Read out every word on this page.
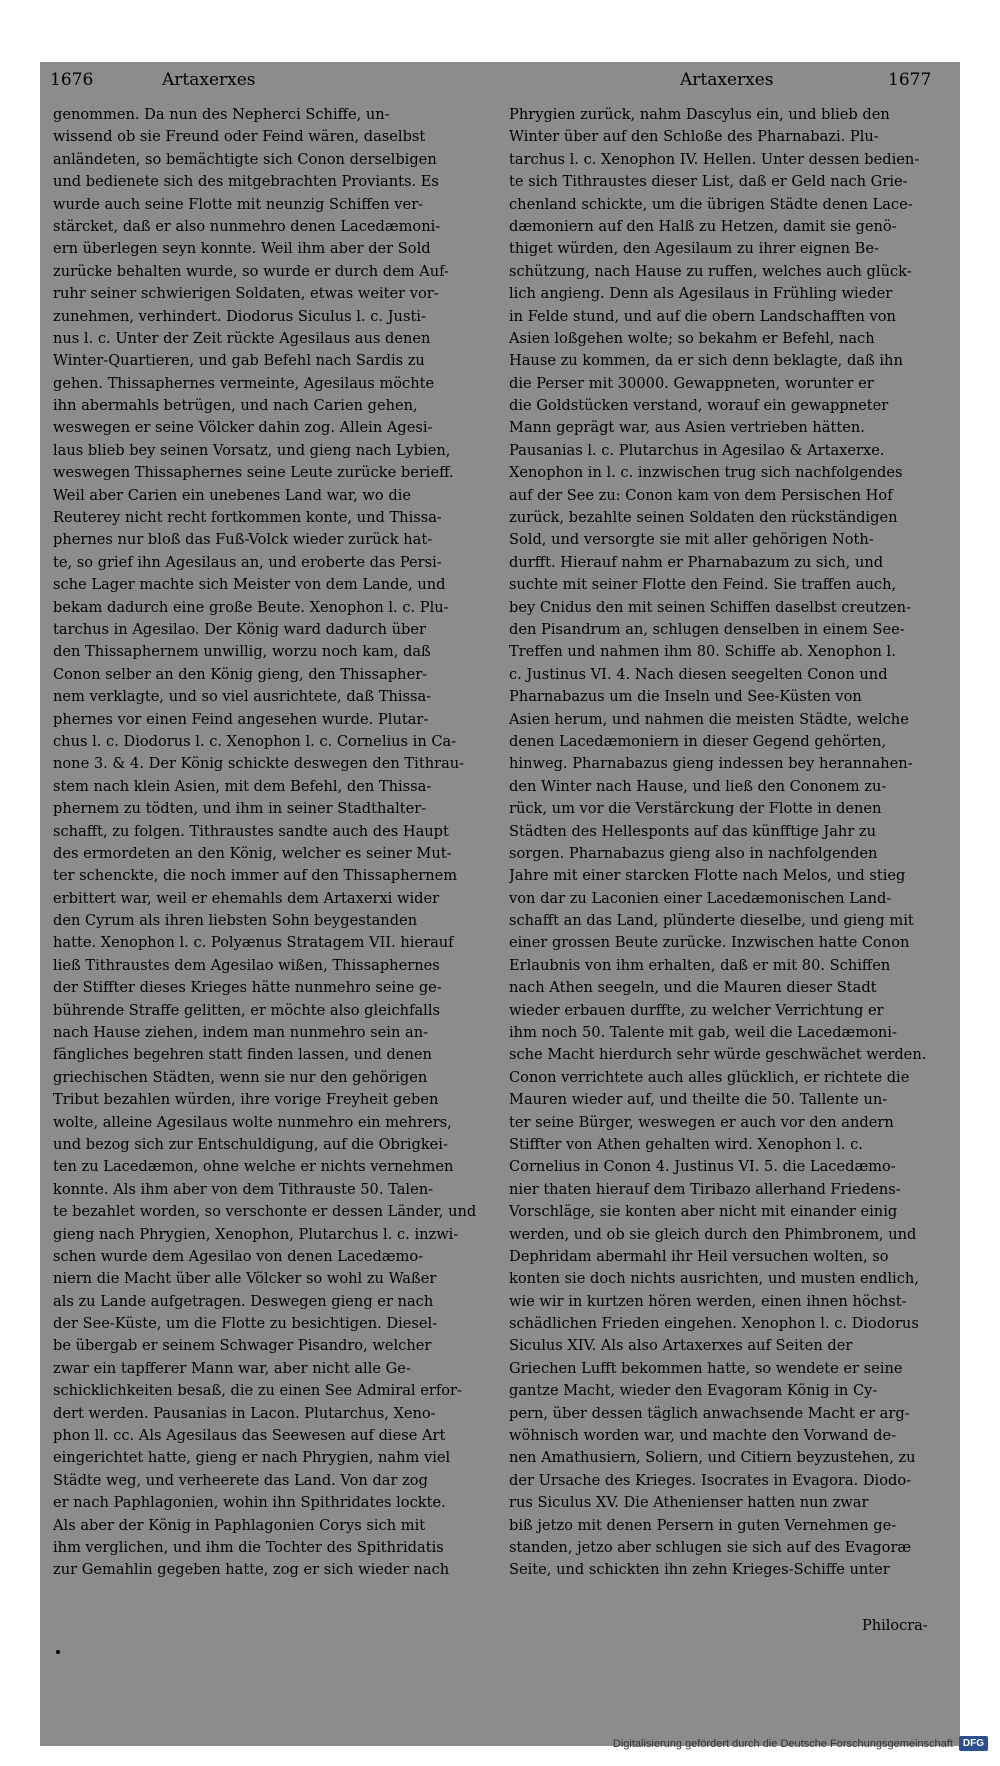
1676	Artaxerxes	Artaxerxes	1677
genommen. Da nun des Nepherci Schiffe, un-
wissend ob sie Freund oder Feind wären, daselbst
anländeten, so bemächtigte sich Conon derselbigen
und bedienete sich des mitgebrachten Proviants. Es
wurde auch seine Flotte mit neunzig Schiffen ver-
stärcket, daß er also nunmehro denen Lacedæmoni-
ern überlegen seyn konnte. Weil ihm aber der Sold
zurücke behalten wurde, so wurde er durch dem Auf-
ruhr seiner schwierigen Soldaten, etwas weiter vor-
zunehmen, verhindert. Diodorus Siculus l. c. Justi-
nus l. c. Unter der Zeit rückte Agesilaus aus denen
Winter-Quartieren, und gab Befehl nach Sardis zu
gehen. Thissaphernes vermeinte, Agesilaus möchte
ihn abermahls betrügen, und nach Carien gehen,
weswegen er seine Völcker dahin zog. Allein Agesi-
laus blieb bey seinen Vorsatz, und gieng nach Lybien,
weswegen Thissaphernes seine Leute zurücke berieff.
Weil aber Carien ein unebenes Land war, wo die
Reuterey nicht recht fortkommen konte, und Thissa-
phernes nur bloß das Fuß-Volck wieder zurück hat-
te, so grief ihn Agesilaus an, und eroberte das Persi-
sche Lager machte sich Meister von dem Lande, und
bekam dadurch eine große Beute. Xenophon l. c. Plu-
tarchus in Agesilao. Der König ward dadurch über
den Thissaphernem unwillig, worzu noch kam, daß
Conon selber an den König gieng, den Thissapher-
nem verklagte, und so viel ausrichtete, daß Thissa-
phernes vor einen Feind angesehen wurde. Plutar-
chus l. c. Diodorus l. c. Xenophon l. c. Cornelius in Ca-
none 3. & 4. Der König schickte deswegen den Tithrau-
stem nach klein Asien, mit dem Befehl, den Thissa-
phernem zu tödten, und ihm in seiner Stadthalter-
schafft, zu folgen. Tithraustes sandte auch des Haupt
des ermordeten an den König, welcher es seiner Mut-
ter schenckte, die noch immer auf den Thissaphernem
erbittert war, weil er ehemahls dem Artaxerxi wider
den Cyrum als ihren liebsten Sohn beygestanden
hatte. Xenophon l. c. Polyænus Stratagem VII. hierauf
ließ Tithraustes dem Agesilao wißen, Thissaphernes
der Stiffter dieses Krieges hätte nunmehro seine ge-
bührende Straffe gelitten, er möchte also gleichfalls
nach Hause ziehen, indem man nunmehro sein an-
fängliches begehren statt finden lassen, und denen
griechischen Städten, wenn sie nur den gehörigen
Tribut bezahlen würden, ihre vorige Freyheit geben
wolte, alleine Agesilaus wolte nunmehro ein mehrers,
und bezog sich zur Entschuldigung, auf die Obrigkei-
ten zu Lacedæmon, ohne welche er nichts vernehmen
konnte. Als ihm aber von dem Tithrauste 50. Talen-
te bezahlet worden, so verschonte er dessen Länder, und
gieng nach Phrygien, Xenophon, Plutarchus l. c. inzwi-
schen wurde dem Agesilao von denen Lacedæmo-
niern die Macht über alle Völcker so wohl zu Waßer
als zu Lande aufgetragen. Deswegen gieng er nach
der See-Küste, um die Flotte zu besichtigen. Diesel-
be übergab er seinem Schwager Pisandro, welcher
zwar ein tapfferer Mann war, aber nicht alle Ge-
schicklichkeiten besaß, die zu einen See Admiral erfor-
dert werden. Pausanias in Lacon. Plutarchus, Xeno-
phon ll. cc. Als Agesilaus das Seewesen auf diese Art
eingerichtet hatte, gieng er nach Phrygien, nahm viel
Städte weg, und verheerete das Land. Von dar zog
er nach Paphlagonien, wohin ihn Spithridates lockte.
Als aber der König in Paphlagonien Corys sich mit
ihm verglichen, und ihm die Tochter des Spithridatis
zur Gemahlin gegeben hatte, zog er sich wieder nach
Phrygien zurück, nahm Dascylus ein, und blieb den
Winter über auf den Schloße des Pharnabazi. Plu-
tarchus l. c. Xenophon IV. Hellen. Unter dessen bedien-
te sich Tithraustes dieser List, daß er Geld nach Grie-
chenland schickte, um die übrigen Städte denen Lace-
dæmoniern auf den Halß zu Hetzen, damit sie genö-
thiget würden, den Agesilaum zu ihrer eignen Be-
schützung, nach Hause zu ruffen, welches auch glück-
lich angieng. Denn als Agesilaus in Frühling wieder
in Felde stund, und auf die obern Landschafften von
Asien loßgehen wolte; so bekahm er Befehl, nach
Hause zu kommen, da er sich denn beklagte, daß ihn
die Perser mit 30000. Gewappneten, worunter er
die Goldstücken verstand, worauf ein gewappneter
Mann geprägt war, aus Asien vertrieben hätten.
Pausanias l. c. Plutarchus in Agesilao & Artaxerxe.
Xenophon in l. c. inzwischen trug sich nachfolgendes
auf der See zu: Conon kam von dem Persischen Hof
zurück, bezahlte seinen Soldaten den rückständigen
Sold, und versorgte sie mit aller gehörigen Noth-
durfft. Hierauf nahm er Pharnabazum zu sich, und
suchte mit seiner Flotte den Feind. Sie traffen auch,
bey Cnidus den mit seinen Schiffen daselbst creutzen-
den Pisandrum an, schlugen denselben in einem See-
Treffen und nahmen ihm 80. Schiffe ab. Xenophon l.
c. Justinus VI. 4. Nach diesen seegelten Conon und
Pharnabazus um die Inseln und See-Küsten von
Asien herum, und nahmen die meisten Städte, welche
denen Lacedæmoniern in dieser Gegend gehörten,
hinweg. Pharnabazus gieng indessen bey herannahen-
den Winter nach Hause, und ließ den Cononem zu-
rück, um vor die Verstärckung der Flotte in denen
Städten des Hellesponts auf das künfftige Jahr zu
sorgen. Pharnabazus gieng also in nachfolgenden
Jahre mit einer starcken Flotte nach Melos, und stieg
von dar zu Laconien einer Lacedæmonischen Land-
schafft an das Land, plünderte dieselbe, und gieng mit
einer grossen Beute zurücke. Inzwischen hatte Conon
Erlaubnis von ihm erhalten, daß er mit 80. Schiffen
nach Athen seegeln, und die Mauren dieser Stadt
wieder erbauen durffte, zu welcher Verrichtung er
ihm noch 50. Talente mit gab, weil die Lacedæmoni-
sche Macht hierdurch sehr würde geschwächet werden.
Conon verrichtete auch alles glücklich, er richtete die
Mauren wieder auf, und theilte die 50. Tallente un-
ter seine Bürger, weswegen er auch vor den andern
Stiffter von Athen gehalten wird. Xenophon l. c.
Cornelius in Conon 4. Justinus VI. 5. die Lacedæmo-
nier thaten hierauf dem Tiribazo allerhand Friedens-
Vorschläge, sie konten aber nicht mit einander einig
werden, und ob sie gleich durch den Phimbronem, und
Dephridam abermahl ihr Heil versuchen wolten, so
konten sie doch nichts ausrichten, und musten endlich,
wie wir in kurtzen hören werden, einen ihnen höchst-
schädlichen Frieden eingehen. Xenophon l. c. Diodorus
Siculus XIV. Als also Artaxerxes auf Seiten der
Griechen Lufft bekommen hatte, so wendete er seine
gantze Macht, wieder den Evagoram König in Cy-
pern, über dessen täglich anwachsende Macht er arg-
wöhnisch worden war, und machte den Vorwand de-
nen Amathusiern, Soliern, und Citiern beyzustehen, zu
der Ursache des Krieges. Isocrates in Evagora. Diodo-
rus Siculus XV. Die Athenienser hatten nun zwar
biß jetzo mit denen Persern in guten Vernehmen ge-
standen, jetzo aber schlugen sie sich auf des Evagoræ
Seite, und schickten ihn zehn Krieges-Schiffe unter
Philocra-
Digitalisierung gefördert durch die Deutsche Forschungsgemeinschaft	DFG
